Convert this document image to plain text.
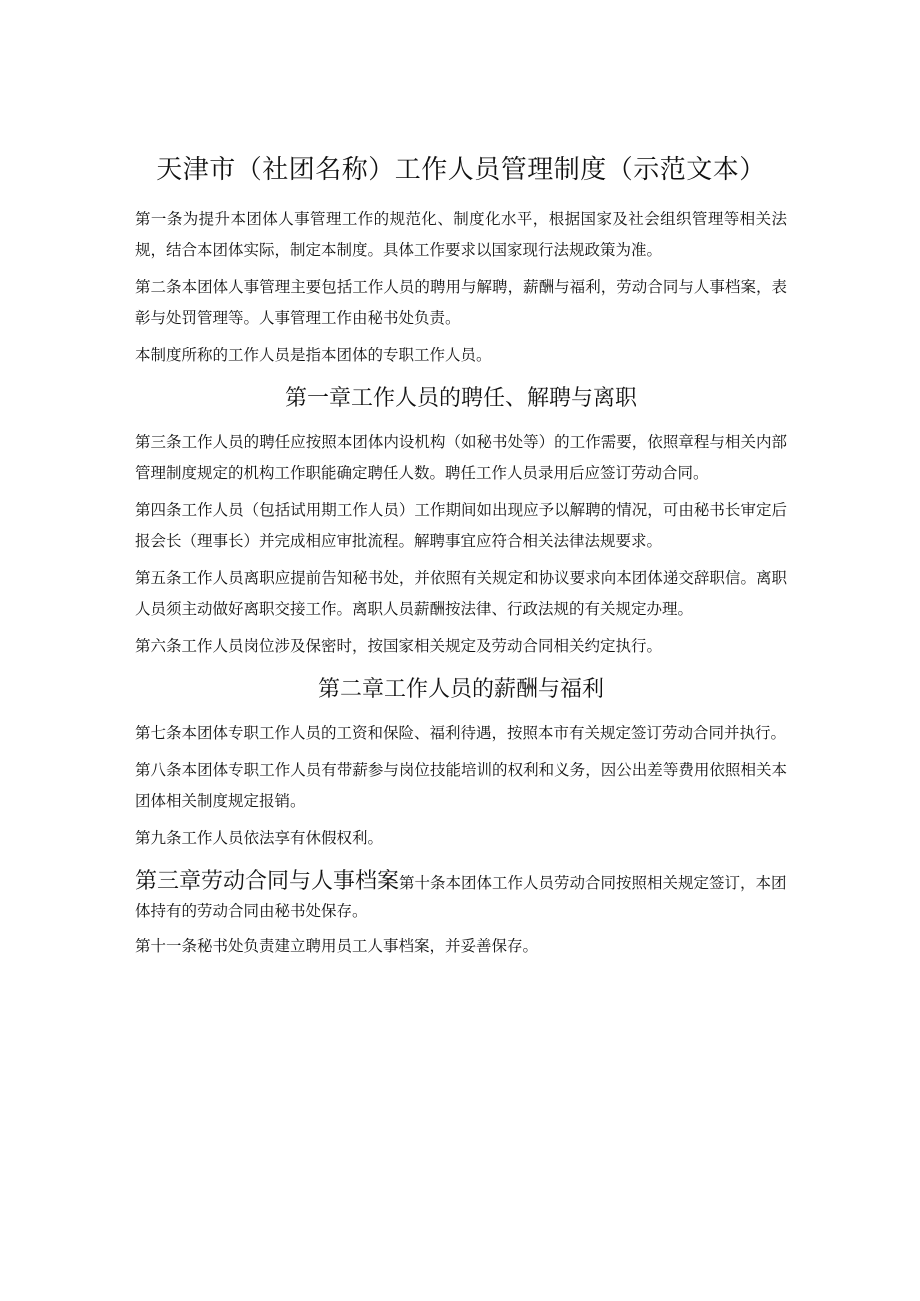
天津市（社团名称）工作人员管理制度（示范文本）

第一条为提升本团体人事管理工作的规范化、制度化水平，根据国家及社会组织管理等相关法规，结合本团体实际，制定本制度。具体工作要求以国家现行法规政策为准。

第二条本团体人事管理主要包括工作人员的聘用与解聘，薪酬与福利，劳动合同与人事档案，表彰与处罚管理等。人事管理工作由秘书处负责。

本制度所称的工作人员是指本团体的专职工作人员。

第一章工作人员的聘任、解聘与离职

第三条工作人员的聘任应按照本团体内设机构（如秘书处等）的工作需要，依照章程与相关内部管理制度规定的机构工作职能确定聘任人数。聘任工作人员录用后应签订劳动合同。

第四条工作人员（包括试用期工作人员）工作期间如出现应予以解聘的情况，可由秘书长审定后报会长（理事长）并完成相应审批流程。解聘事宜应符合相关法律法规要求。

第五条工作人员离职应提前告知秘书处，并依照有关规定和协议要求向本团体递交辞职信。离职人员须主动做好离职交接工作。离职人员薪酬按法律、行政法规的有关规定办理。

第六条工作人员岗位涉及保密时，按国家相关规定及劳动合同相关约定执行。

第二章工作人员的薪酬与福利

第七条本团体专职工作人员的工资和保险、福利待遇，按照本市有关规定签订劳动合同并执行。

第八条本团体专职工作人员有带薪参与岗位技能培训的权利和义务，因公出差等费用依照相关本团体相关制度规定报销。

第九条工作人员依法享有休假权利。

第三章劳动合同与人事档案第十条本团体工作人员劳动合同按照相关规定签订，本团体持有的劳动合同由秘书处保存。

第十一条秘书处负责建立聘用员工人事档案，并妥善保存。
